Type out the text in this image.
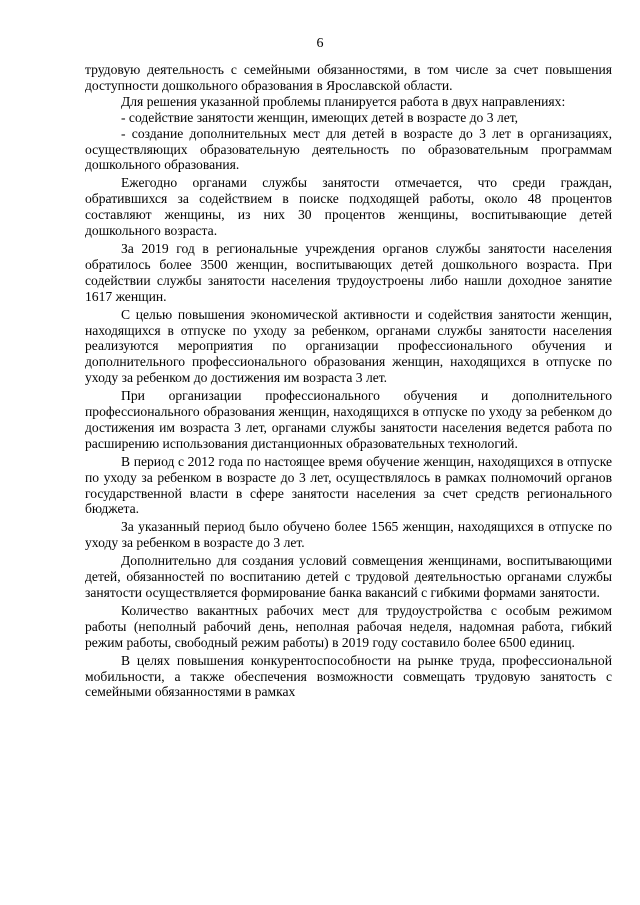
6

трудовую деятельность с семейными обязанностями, в том числе за счет повышения доступности дошкольного образования в Ярославской области.

Для решения указанной проблемы планируется работа в двух направлениях:

- содействие занятости женщин, имеющих детей в возрасте до 3 лет,

- создание дополнительных мест для детей в возрасте до 3 лет в организациях, осуществляющих образовательную деятельность по образовательным программам дошкольного образования.

Ежегодно органами службы занятости отмечается, что среди граждан, обратившихся за содействием в поиске подходящей работы, около 48 процентов составляют женщины, из них 30 процентов женщины, воспитывающие детей дошкольного возраста.

За 2019 год в региональные учреждения органов службы занятости населения обратилось более 3500 женщин, воспитывающих детей дошкольного возраста. При содействии службы занятости населения трудоустроены либо нашли доходное занятие 1617 женщин.

С целью повышения экономической активности и содействия занятости женщин, находящихся в отпуске по уходу за ребенком, органами службы занятости населения реализуются мероприятия по организации профессионального обучения и дополнительного профессионального образования женщин, находящихся в отпуске по уходу за ребенком до достижения им возраста 3 лет.

При организации профессионального обучения и дополнительного профессионального образования женщин, находящихся в отпуске по уходу за ребенком до достижения им возраста 3 лет, органами службы занятости населения ведется работа по расширению использования дистанционных образовательных технологий.

В период с 2012 года по настоящее время обучение женщин, находящихся в отпуске по уходу за ребенком в возрасте до 3 лет, осуществлялось в рамках полномочий органов государственной власти в сфере занятости населения за счет средств регионального бюджета.

За указанный период было обучено более 1565 женщин, находящихся в отпуске по уходу за ребенком в возрасте до 3 лет.

Дополнительно для создания условий совмещения женщинами, воспитывающими детей, обязанностей по воспитанию детей с трудовой деятельностью органами службы занятости осуществляется формирование банка вакансий с гибкими формами занятости.

Количество вакантных рабочих мест для трудоустройства с особым режимом работы (неполный рабочий день, неполная рабочая неделя, надомная работа, гибкий режим работы, свободный режим работы) в 2019 году составило более 6500 единиц.

В целях повышения конкурентоспособности на рынке труда, профессиональной мобильности, а также обеспечения возможности совмещать трудовую занятость с семейными обязанностями в рамках
